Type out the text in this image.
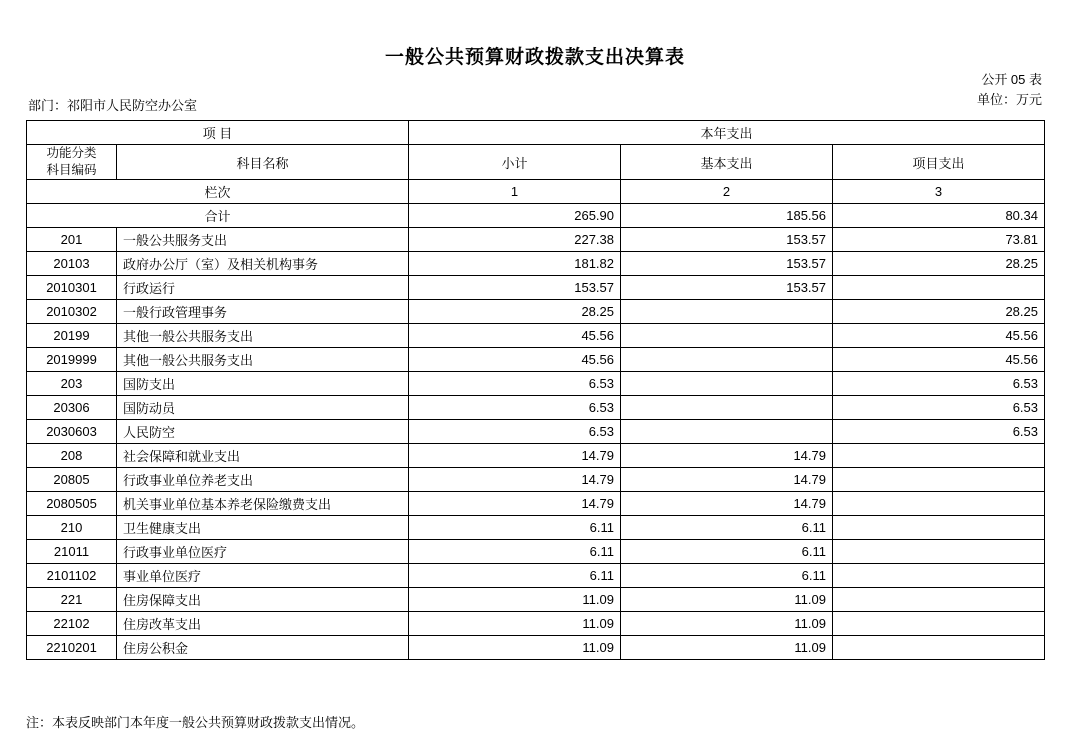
一般公共预算财政拨款支出决算表
公开 05 表
单位：万元
部门：祁阳市人民防空办公室
项 目		本年支出		

功能分类
科目编码	科目名称	小计	基本支出	项目支出
栏次		1	2	3
合计		265.90	185.56	80.34
201	一般公共服务支出	227.38	153.57	73.81
20103	政府办公厅（室）及相关机构事务	181.82	153.57	28.25
2010301	行政运行	153.57	153.57	
2010302	一般行政管理事务	28.25		28.25
20199	其他一般公共服务支出	45.56		45.56
2019999	其他一般公共服务支出	45.56		45.56
203	国防支出	6.53		6.53
20306	国防动员	6.53		6.53
2030603	人民防空	6.53		6.53
208	社会保障和就业支出	14.79	14.79	
20805	行政事业单位养老支出	14.79	14.79	
2080505	机关事业单位基本养老保险缴费支出	14.79	14.79	
210	卫生健康支出	6.11	6.11	
21011	行政事业单位医疗	6.11	6.11	
2101102	事业单位医疗	6.11	6.11	
221	住房保障支出	11.09	11.09	
22102	住房改革支出	11.09	11.09	
2210201	住房公积金	11.09	11.09	
注：本表反映部门本年度一般公共预算财政拨款支出情况。
